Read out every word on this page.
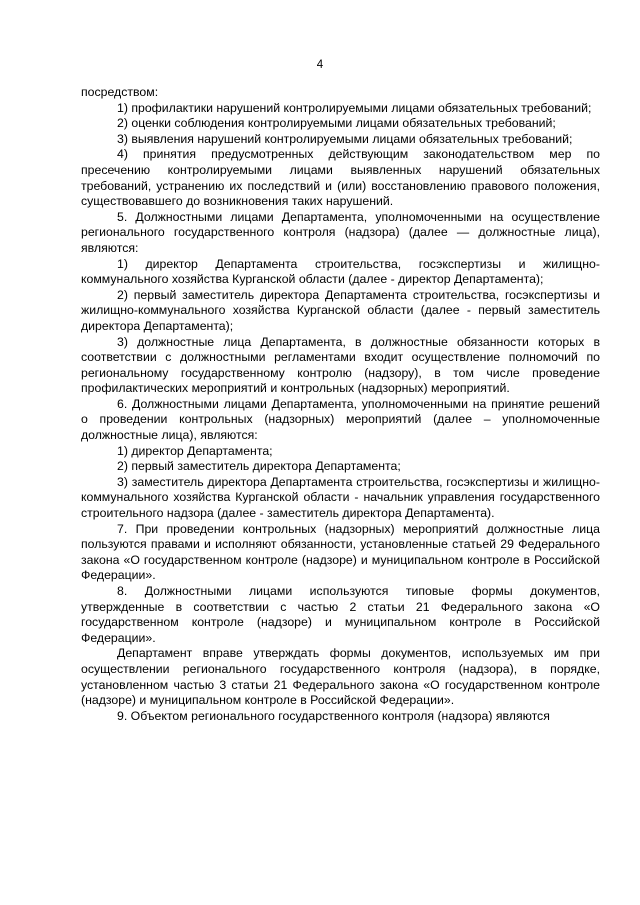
4

посредством:

1) профилактики нарушений контролируемыми лицами обязательных требований;

2) оценки соблюдения контролируемыми лицами обязательных требований;

3) выявления нарушений контролируемыми лицами обязательных требований;

4) принятия предусмотренных действующим законодательством мер по пресечению контролируемыми лицами выявленных нарушений обязательных требований, устранению их последствий и (или) восстановлению правового положения, существовавшего до возникновения таких нарушений.

5. Должностными лицами Департамента, уполномоченными на осуществление регионального государственного контроля (надзора) (далее — должностные лица), являются:

1) директор Департамента строительства, госэкспертизы и жилищно-коммунального хозяйства Курганской области (далее - директор Департамента);

2) первый заместитель директора Департамента строительства, госэкспертизы и жилищно-коммунального хозяйства Курганской области (далее - первый заместитель директора Департамента);

3) должностные лица Департамента, в должностные обязанности которых в соответствии с должностными регламентами входит осуществление полномочий по региональному государственному контролю (надзору), в том числе проведение профилактических мероприятий и контрольных (надзорных) мероприятий.

6. Должностными лицами Департамента, уполномоченными на принятие решений о проведении контрольных (надзорных) мероприятий (далее – уполномоченные должностные лица), являются:

1) директор Департамента;

2) первый заместитель директора Департамента;

3) заместитель директора Департамента строительства, госэкспертизы и жилищно-коммунального хозяйства Курганской области - начальник управления государственного строительного надзора (далее - заместитель директора Департамента).

7. При проведении контрольных (надзорных) мероприятий должностные лица пользуются правами и исполняют обязанности, установленные статьей 29 Федерального закона «О государственном контроле (надзоре) и муниципальном контроле в Российской Федерации».

8. Должностными лицами используются типовые формы документов, утвержденные в соответствии с частью 2 статьи 21 Федерального закона «О государственном контроле (надзоре) и муниципальном контроле в Российской Федерации».

Департамент вправе утверждать формы документов, используемых им при осуществлении регионального государственного контроля (надзора), в порядке, установленном частью 3 статьи 21 Федерального закона «О государственном контроле (надзоре) и муниципальном контроле в Российской Федерации».

9. Объектом регионального государственного контроля (надзора) являются
